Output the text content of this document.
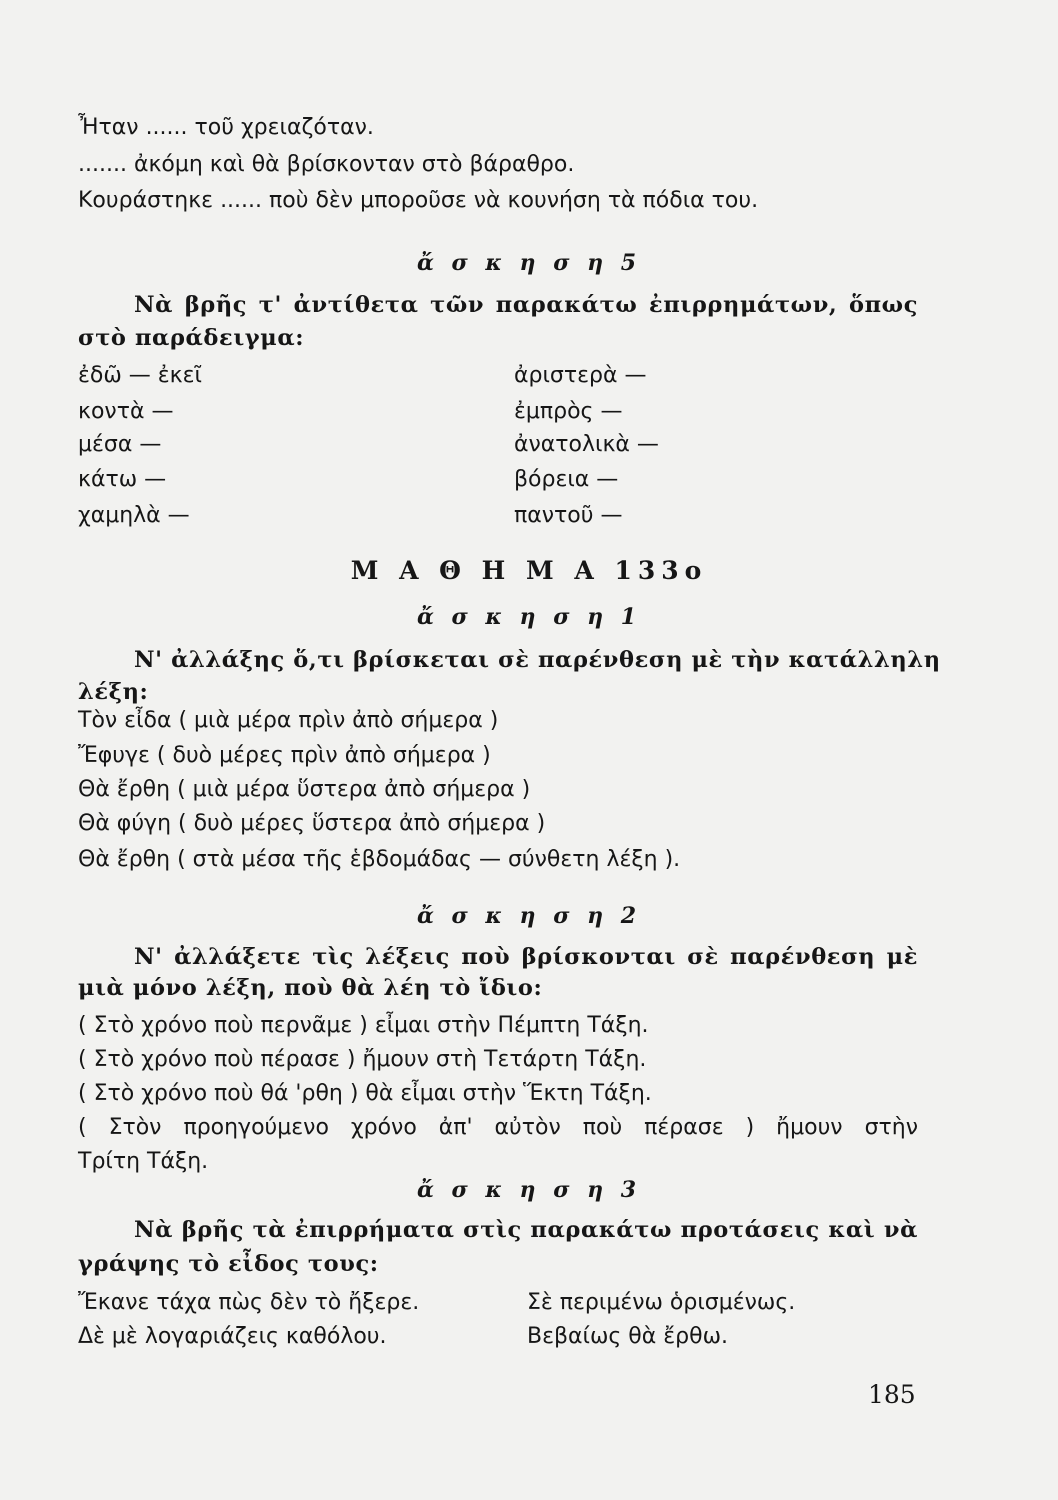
Ἦταν ...... τοῦ χρειαζόταν.
....... ἀκόμη καὶ θὰ βρίσκονταν στὸ βάραθρο.
Κουράστηκε ...... ποὺ δὲν μποροῦσε νὰ κουνήση τὰ πόδια του.
ἄ σ κ η σ η 5
Νὰ βρῆς τ' ἀντίθετα τῶν παρακάτω ἐπιρρημάτων, ὅπως
στὸ παράδειγμα:
ἐδῶ — ἐκεῖ
κοντὰ —
μέσα —
κάτω —
χαμηλὰ —
ἀριστερὰ —
ἐμπρὸς —
ἀνατολικὰ —
βόρεια —
παντοῦ —
Μ Α Θ Η Μ Α 133ο
ἄ σ κ η σ η 1
Ν' ἀλλάξης ὅ,τι βρίσκεται σὲ παρένθεση μὲ τὴν κατάλληλη
λέξη:
Τὸν εἶδα ( μιὰ μέρα πρὶν ἀπὸ σήμερα )
Ἔφυγε ( δυὸ μέρες πρὶν ἀπὸ σήμερα )
Θὰ ἔρθη ( μιὰ μέρα ὕστερα ἀπὸ σήμερα )
Θὰ φύγη ( δυὸ μέρες ὕστερα ἀπὸ σήμερα )
Θὰ ἔρθη ( στὰ μέσα τῆς ἑβδομάδας — σύνθετη λέξη ).
ἄ σ κ η σ η 2
Ν' ἀλλάξετε τὶς λέξεις ποὺ βρίσκονται σὲ παρένθεση μὲ
μιὰ μόνο λέξη, ποὺ θὰ λέη τὸ ἴδιο:
( Στὸ χρόνο ποὺ περνᾶμε ) εἶμαι στὴν Πέμπτη Τάξη.
( Στὸ χρόνο ποὺ πέρασε ) ἤμουν στὴ Τετάρτη Τάξη.
( Στὸ χρόνο ποὺ θά 'ρθη ) θὰ εἶμαι στὴν Ἕκτη Τάξη.
( Στὸν προηγούμενο χρόνο ἀπ' αὐτὸν ποὺ πέρασε ) ἤμουν στὴν
Τρίτη Τάξη.
ἄ σ κ η σ η 3
Νὰ βρῆς τὰ ἐπιρρήματα στὶς παρακάτω προτάσεις καὶ νὰ
γράψης τὸ εἶδος τους:
Ἔκανε τάχα πὼς δὲν τὸ ἤξερε.
Δὲ μὲ λογαριάζεις καθόλου.
Σὲ περιμένω ὁρισμένως.
Βεβαίως θὰ ἔρθω.
185
